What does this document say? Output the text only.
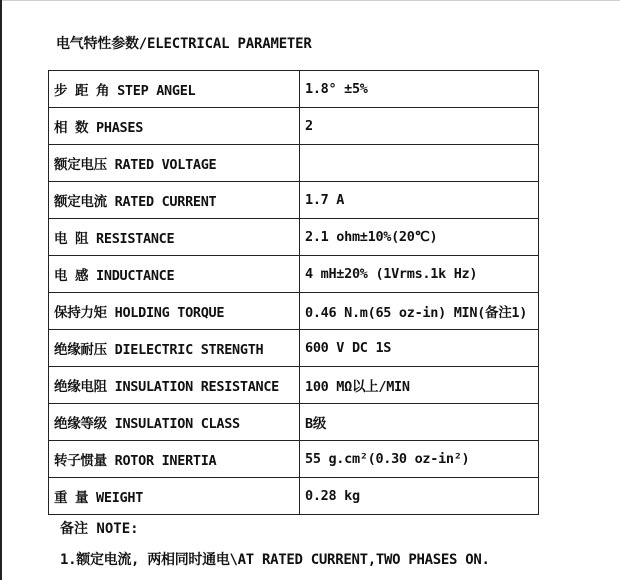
电气特性参数/ELECTRICAL PARAMETER
步 距 角 STEP ANGEL	1.8° ±5%
相 数 PHASES	2
额定电压 RATED VOLTAGE	
额定电流 RATED CURRENT	1.7 A
电 阻 RESISTANCE	2.1 ohm±10%(20℃)
电 感 INDUCTANCE	4 mH±20% (1Vrms.1k Hz)
保持力矩 HOLDING TORQUE	0.46 N.m(65 oz-in) MIN(备注1)
绝缘耐压 DIELECTRIC STRENGTH	600 V DC 1S
绝缘电阻 INSULATION RESISTANCE	100 MΩ以上/MIN
绝缘等级 INSULATION CLASS	B级
转子惯量 ROTOR INERTIA	55 g.cm²(0.30 oz-in²)
重 量 WEIGHT	0.28 kg
备注 NOTE:
1.额定电流, 两相同时通电\AT RATED CURRENT,TWO PHASES ON.
